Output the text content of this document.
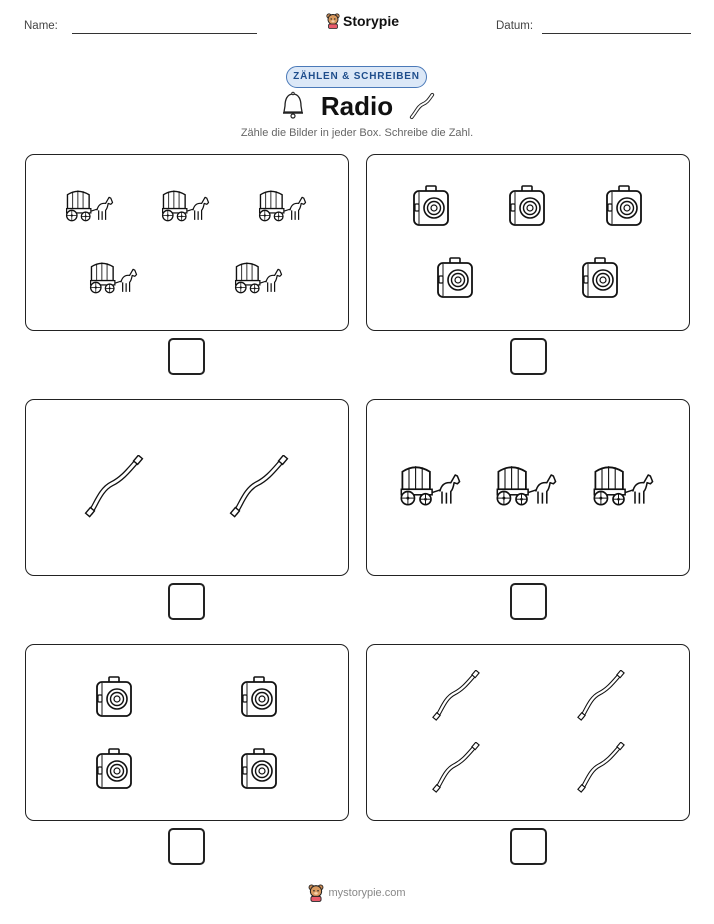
Name:	Storypie	Datum:
ZÄHLEN & SCHREIBEN
Radio
Zähle die Bilder in jeder Box. Schreibe die Zahl.
mystorypie.com
